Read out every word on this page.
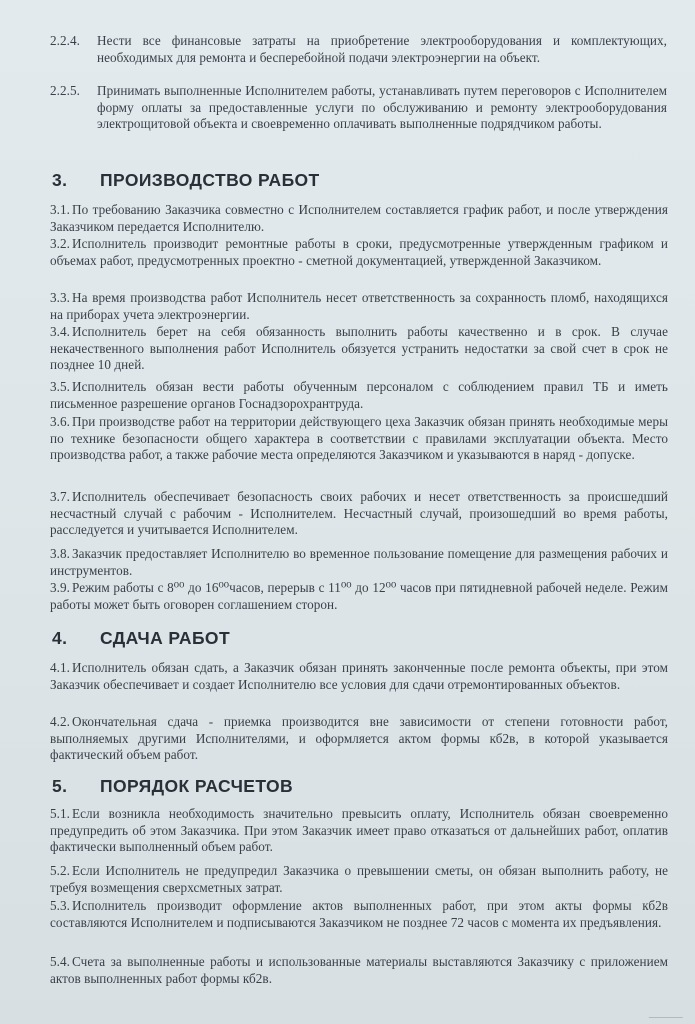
2.2.4. Нести все финансовые затраты на приобретение электрооборудования и комплектующих, необходимых для ремонта и бесперебойной подачи электроэнергии на объект.
2.2.5. Принимать выполненные Исполнителем работы, устанавливать путем переговоров с Исполнителем форму оплаты за предоставленные услуги по обслуживанию и ремонту электрооборудования электрощитовой объекта и своевременно оплачивать выполненные подрядчиком работы.
3. ПРОИЗВОДСТВО РАБОТ
3.1. По требованию Заказчика совместно с Исполнителем составляется график работ, и после утверждения Заказчиком передается Исполнителю.
3.2. Исполнитель производит ремонтные работы в сроки, предусмотренные утвержденным графиком и объемах работ, предусмотренных проектно - сметной документацией, утвержденной Заказчиком.
3.3. На время производства работ Исполнитель несет ответственность за сохранность пломб, находящихся на приборах учета электроэнергии.
3.4. Исполнитель берет на себя обязанность выполнить работы качественно и в срок. В случае некачественного выполнения работ Исполнитель обязуется устранить недостатки за свой счет в срок не позднее 10 дней.
3.5. Исполнитель обязан вести работы обученным персоналом с соблюдением правил ТБ и иметь письменное разрешение органов Госнадзорохрантруда.
3.6. При производстве работ на территории действующего цеха Заказчик обязан принять необходимые меры по технике безопасности общего характера в соответствии с правилами эксплуатации объекта. Место производства работ, а также рабочие места определяются Заказчиком и указываются в наряд - допуске.
3.7. Исполнитель обеспечивает безопасность своих рабочих и несет ответственность за происшедший несчастный случай с рабочим - Исполнителем. Несчастный случай, произошедший во время работы, расследуется и учитывается Исполнителем.
3.8. Заказчик предоставляет Исполнителю во временное пользование помещение для размещения рабочих и инструментов.
3.9. Режим работы с 8⁰⁰ до 16⁰⁰часов, перерыв с 11⁰⁰ до 12⁰⁰ часов при пятидневной рабочей неделе. Режим работы может быть оговорен соглашением сторон.
4. СДАЧА РАБОТ
4.1. Исполнитель обязан сдать, а Заказчик обязан принять законченные после ремонта объекты, при этом Заказчик обеспечивает и создает Исполнителю все условия для сдачи отремонтированных объектов.
4.2. Окончательная сдача - приемка производится вне зависимости от степени готовности работ, выполняемых другими Исполнителями, и оформляется актом формы кб2в, в которой указывается фактический объем работ.
5. ПОРЯДОК РАСЧЕТОВ
5.1. Если возникла необходимость значительно превысить оплату, Исполнитель обязан своевременно предупредить об этом Заказчика. При этом Заказчик имеет право отказаться от дальнейших работ, оплатив фактически выполненный объем работ.
5.2. Если Исполнитель не предупредил Заказчика о превышении сметы, он обязан выполнить работу, не требуя возмещения сверхсметных затрат.
5.3. Исполнитель производит оформление актов выполненных работ, при этом акты формы кб2в составляются Исполнителем и подписываются Заказчиком не позднее 72 часов с момента их предъявления.
5.4. Счета за выполненные работы и использованные материалы выставляются Заказчику с приложением актов выполненных работ формы кб2в.
